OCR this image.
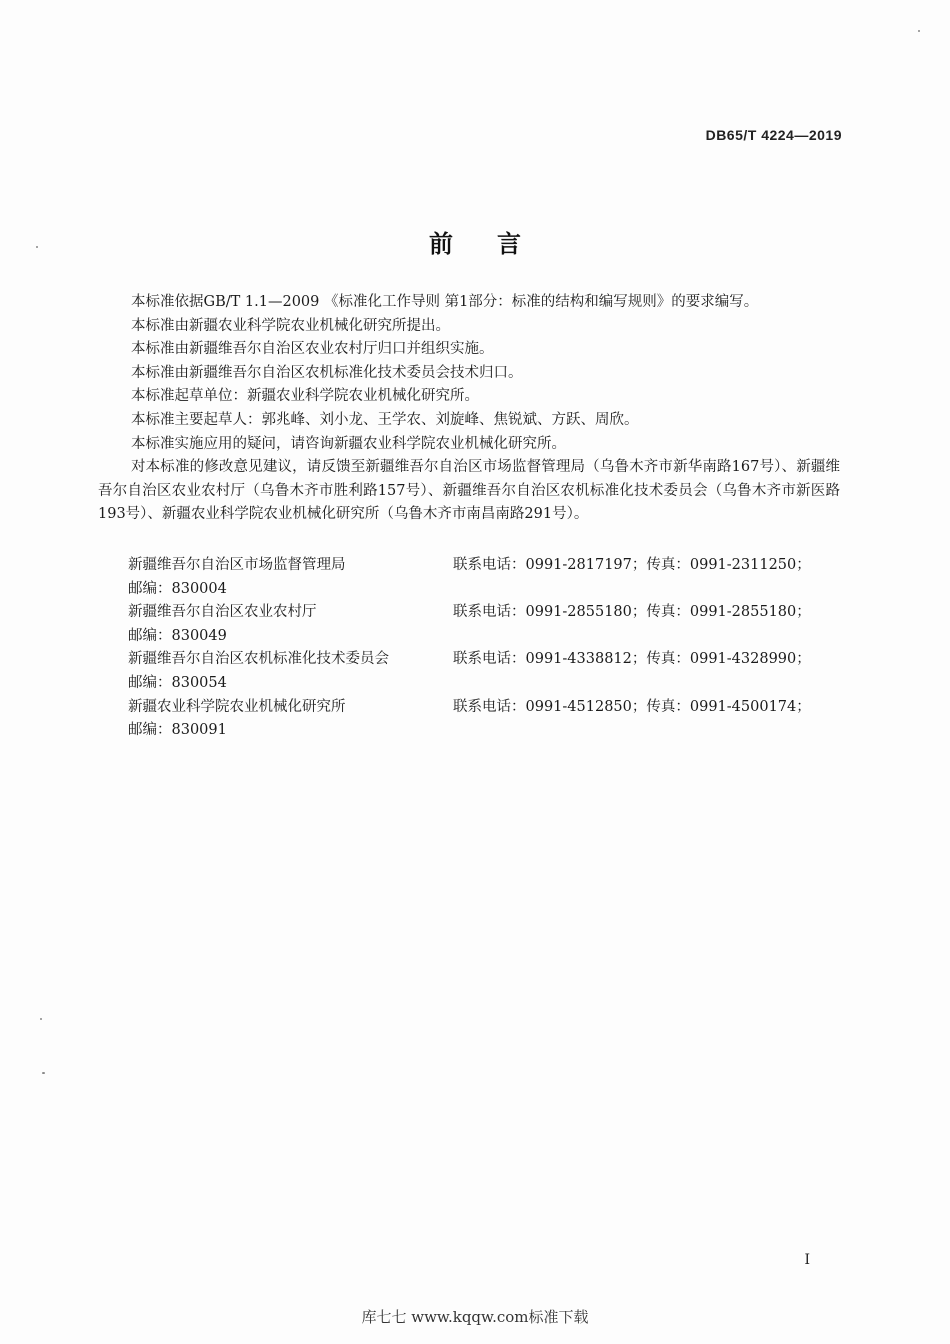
DB65/T 4224—2019
前言

本标准依据GB/T 1.1—2009 《标准化工作导则 第1部分：标准的结构和编写规则》的要求编写。

本标准由新疆农业科学院农业机械化研究所提出。

本标准由新疆维吾尔自治区农业农村厅归口并组织实施。

本标准由新疆维吾尔自治区农机标准化技术委员会技术归口。

本标准起草单位：新疆农业科学院农业机械化研究所。

本标准主要起草人：郭兆峰、刘小龙、王学农、刘旋峰、焦锐斌、方跃、周欣。

本标准实施应用的疑问，请咨询新疆农业科学院农业机械化研究所。

对本标准的修改意见建议，请反馈至新疆维吾尔自治区市场监督管理局（乌鲁木齐市新华南路167号）、新疆维吾尔自治区农业农村厅（乌鲁木齐市胜利路157号）、新疆维吾尔自治区农机标准化技术委员会（乌鲁木齐市新医路193号）、新疆农业科学院农业机械化研究所（乌鲁木齐市南昌南路291号）。

新疆维吾尔自治区市场监督管理局	联系电话：0991-2817197；传真：0991-2311250；
邮编：830004
新疆维吾尔自治区农业农村厅	联系电话：0991-2855180；传真：0991-2855180；
邮编：830049
新疆维吾尔自治区农机标准化技术委员会	联系电话：0991-4338812；传真：0991-4328990；
邮编：830054
新疆农业科学院农业机械化研究所	联系电话：0991-4512850；传真：0991-4500174；
邮编：830091
I
库七七 www.kqqw.com标准下载
